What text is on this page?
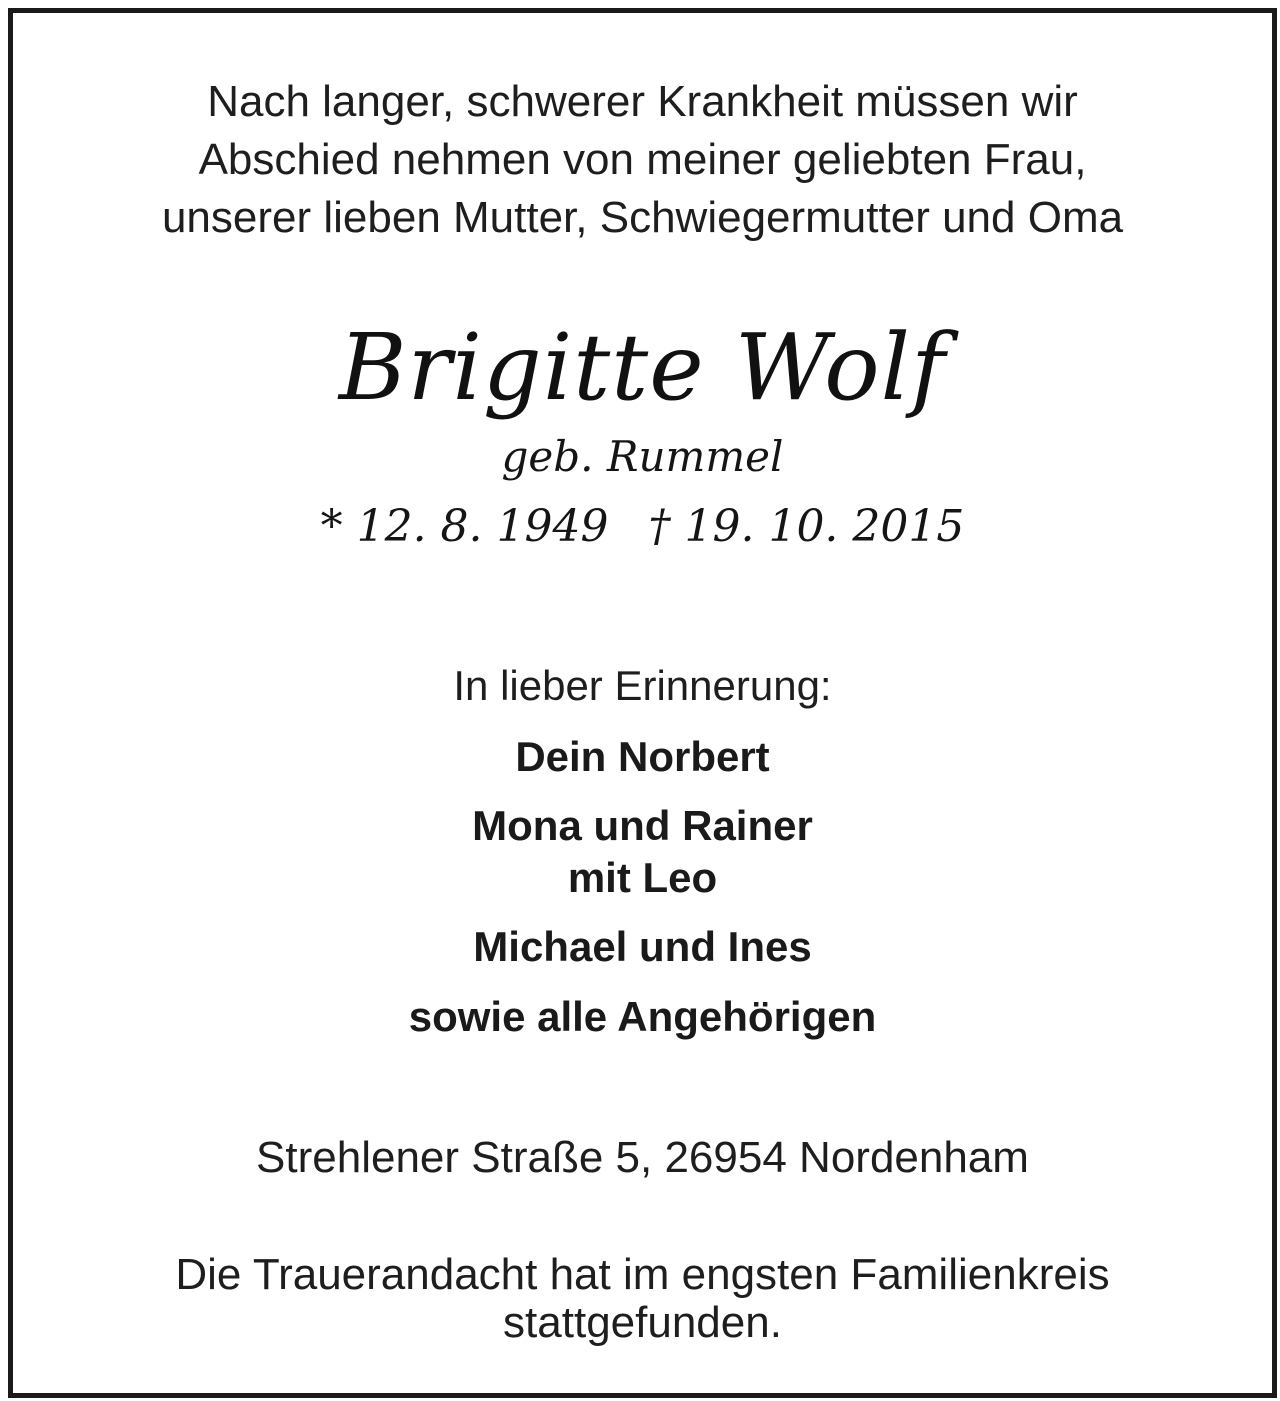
Nach langer, schwerer Krankheit müssen wir
Abschied nehmen von meiner geliebten Frau,
unserer lieben Mutter, Schwiegermutter und Oma
Brigitte Wolf
geb. Rummel
* 12. 8. 1949 † 19. 10. 2015
In lieber Erinnerung:
Dein Norbert
Mona und Rainer
mit Leo
Michael und Ines
sowie alle Angehörigen
Strehlener Straße 5, 26954 Nordenham
Die Trauerandacht hat im engsten Familienkreis
stattgefunden.
